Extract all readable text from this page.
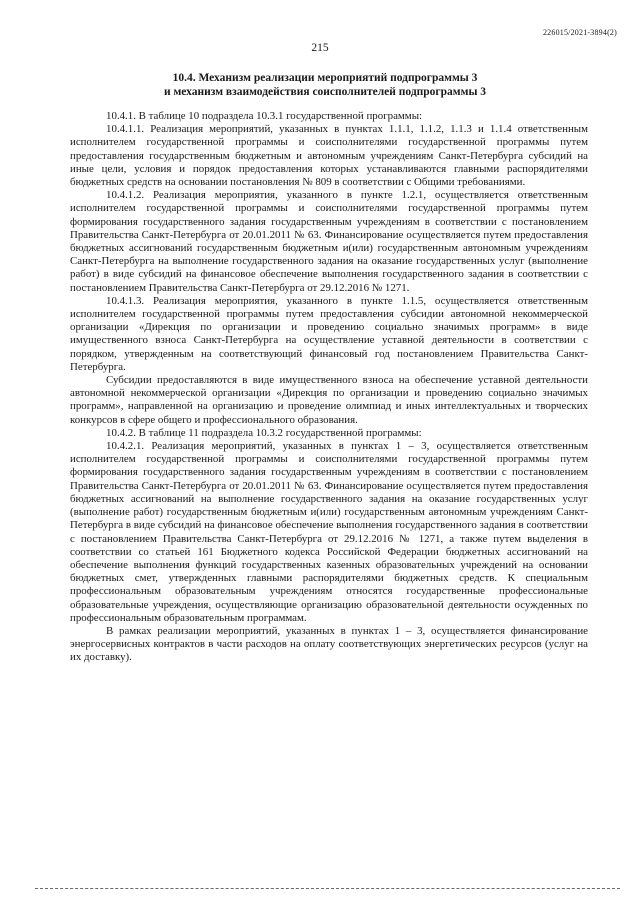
226015/2021-3894(2)
215
10.4. Механизм реализации мероприятий подпрограммы 3
и механизм взаимодействия соисполнителей подпрограммы 3

10.4.1. В таблице 10 подраздела 10.3.1 государственной программы:

10.4.1.1. Реализация мероприятий, указанных в пунктах 1.1.1, 1.1.2, 1.1.3 и 1.1.4 ответственным исполнителем государственной программы и соисполнителями государственной программы путем предоставления государственным бюджетным и автономным учреждениям Санкт-Петербурга субсидий на иные цели, условия и порядок предоставления которых устанавливаются главными распорядителями бюджетных средств на основании постановления № 809 в соответствии с Общими требованиями.

10.4.1.2. Реализация мероприятия, указанного в пункте 1.2.1, осуществляется ответственным исполнителем государственной программы и соисполнителями государственной программы путем формирования государственного задания государственным учреждениям в соответствии с постановлением Правительства Санкт-Петербурга от 20.01.2011 № 63. Финансирование осуществляется путем предоставления бюджетных ассигнований государственным бюджетным и(или) государственным автономным учреждениям Санкт-Петербурга на выполнение государственного задания на оказание государственных услуг (выполнение работ) в виде субсидий на финансовое обеспечение выполнения государственного задания в соответствии с постановлением Правительства Санкт-Петербурга от 29.12.2016 № 1271.

10.4.1.3. Реализация мероприятия, указанного в пункте 1.1.5, осуществляется ответственным исполнителем государственной программы путем предоставления субсидии автономной некоммерческой организации «Дирекция по организации и проведению социально значимых программ» в виде имущественного взноса Санкт-Петербурга на осуществление уставной деятельности в соответствии с порядком, утвержденным на соответствующий финансовый год постановлением Правительства Санкт-Петербурга.

Субсидии предоставляются в виде имущественного взноса на обеспечение уставной деятельности автономной некоммерческой организации «Дирекция по организации и проведению социально значимых программ», направленной на организацию и проведение олимпиад и иных интеллектуальных и творческих конкурсов в сфере общего и профессионального образования.

10.4.2. В таблице 11 подраздела 10.3.2 государственной программы:

10.4.2.1. Реализация мероприятий, указанных в пунктах 1 – 3, осуществляется ответственным исполнителем государственной программы и соисполнителями государственной программы путем формирования государственного задания государственным учреждениям в соответствии с постановлением Правительства Санкт-Петербурга от 20.01.2011 № 63. Финансирование осуществляется путем предоставления бюджетных ассигнований на выполнение государственного задания на оказание государственных услуг (выполнение работ) государственным бюджетным и(или) государственным автономным учреждениям Санкт-Петербурга в виде субсидий на финансовое обеспечение выполнения государственного задания в соответствии с постановлением Правительства Санкт-Петербурга от 29.12.2016 № 1271, а также путем выделения в соответствии со статьей 161 Бюджетного кодекса Российской Федерации бюджетных ассигнований на обеспечение выполнения функций государственных казенных образовательных учреждений на основании бюджетных смет, утвержденных главными распорядителями бюджетных средств. К специальным профессиональным образовательным учреждениям относятся государственные профессиональные образовательные учреждения, осуществляющие организацию образовательной деятельности осужденных по профессиональным образовательным программам.

В рамках реализации мероприятий, указанных в пунктах 1 – 3, осуществляется финансирование энергосервисных контрактов в части расходов на оплату соответствующих энергетических ресурсов (услуг на их доставку).
